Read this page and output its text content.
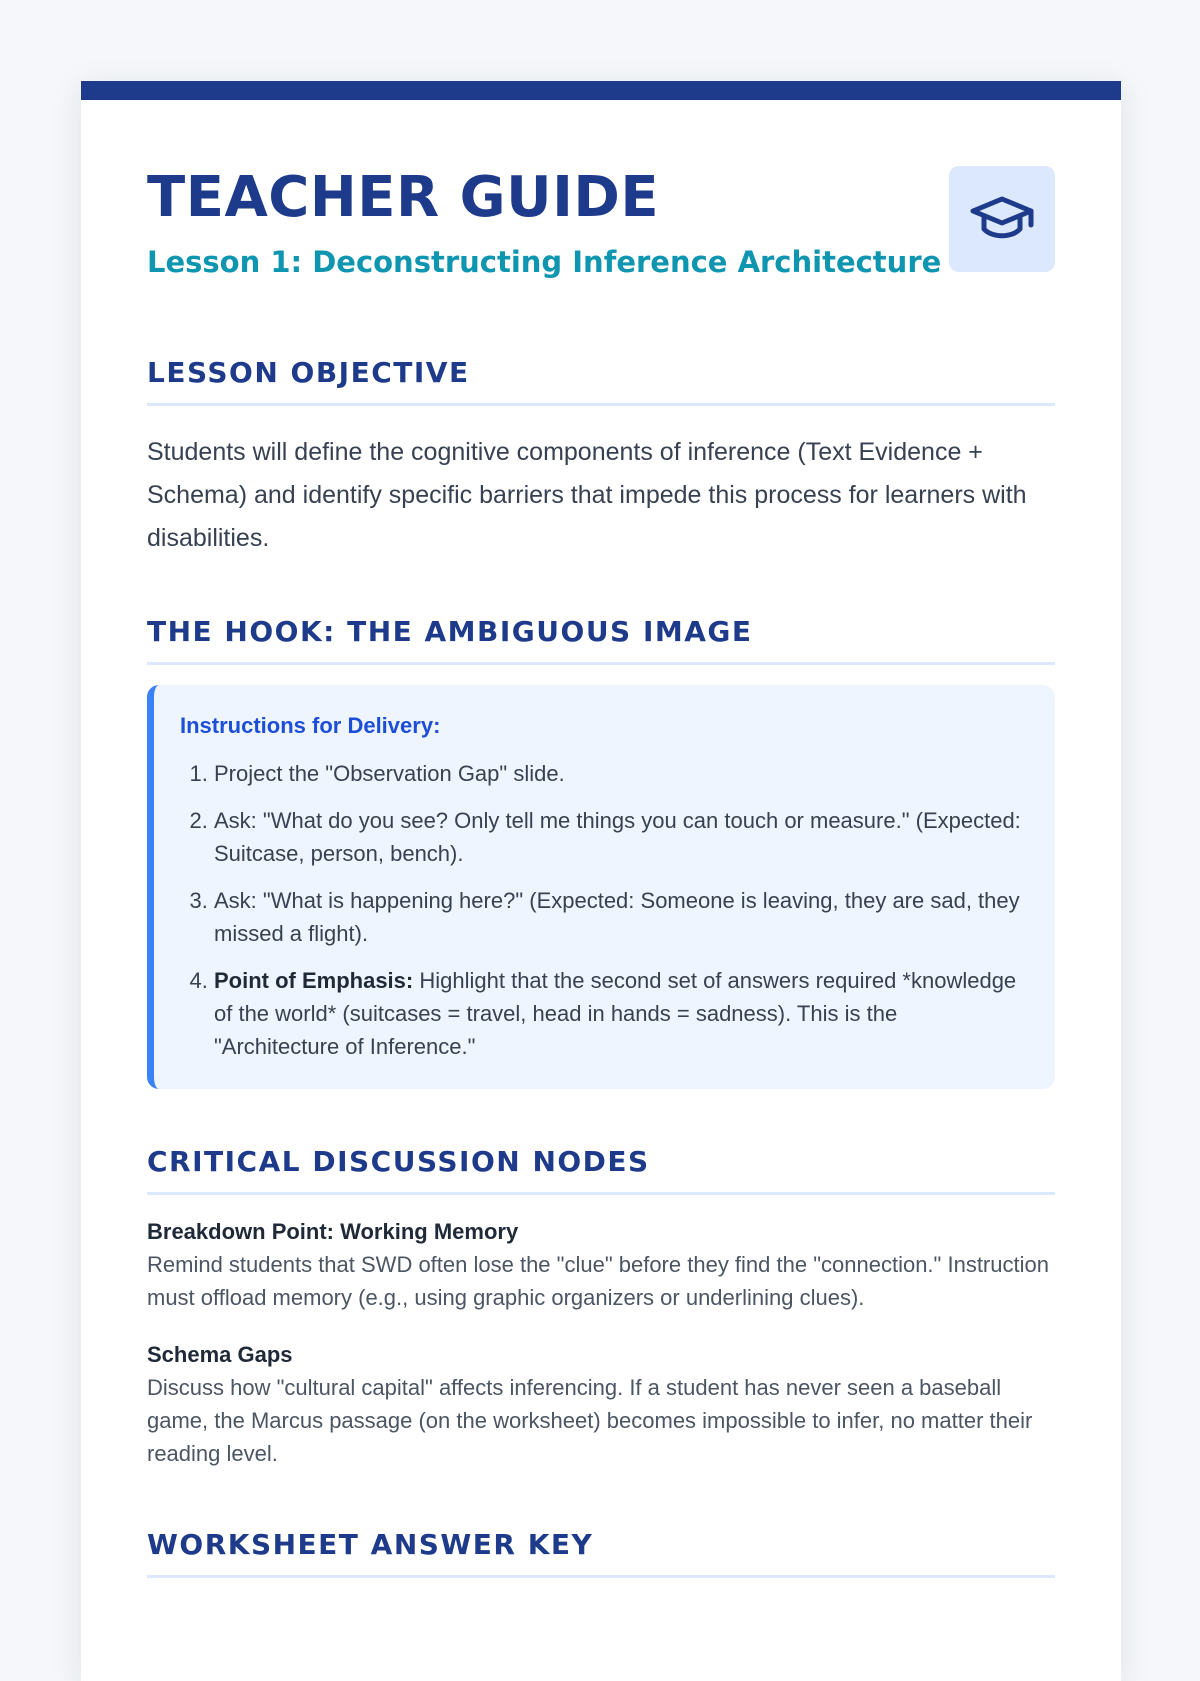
TEACHER GUIDE
Lesson 1: Deconstructing Inference Architecture
LESSON OBJECTIVE

Students will define the cognitive components of inference (Text Evidence + Schema) and identify specific barriers that impede this process for learners with disabilities.

THE HOOK: THE AMBIGUOUS IMAGE

Instructions for Delivery:

1. Project the "Observation Gap" slide.
2. Ask: "What do you see? Only tell me things you can touch or measure." (Expected: Suitcase, person, bench).
3. Ask: "What is happening here?" (Expected: Someone is leaving, they are sad, they missed a flight).
4. Point of Emphasis: Highlight that the second set of answers required *knowledge of the world* (suitcases = travel, head in hands = sadness). This is the "Architecture of Inference."
CRITICAL DISCUSSION NODES

Breakdown Point: Working Memory

Remind students that SWD often lose the "clue" before they find the "connection." Instruction must offload memory (e.g., using graphic organizers or underlining clues).

Schema Gaps

Discuss how "cultural capital" affects inferencing. If a student has never seen a baseball game, the Marcus passage (on the worksheet) becomes impossible to infer, no matter their reading level.

WORKSHEET ANSWER KEY
